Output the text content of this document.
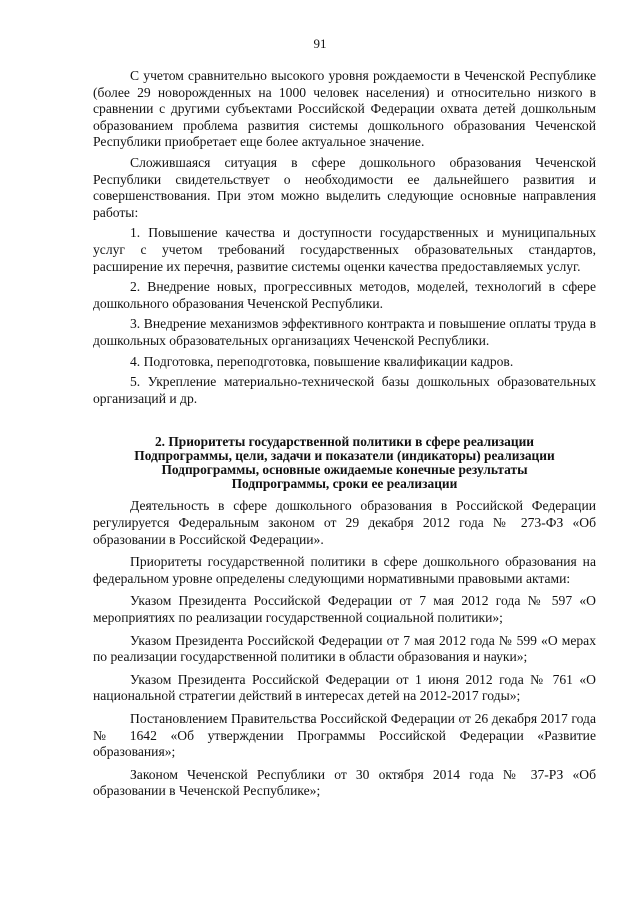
91

С учетом сравнительно высокого уровня рождаемости в Чеченской Республике (более 29 новорожденных на 1000 человек населения) и относительно низкого в сравнении с другими субъектами Российской Федерации охвата детей дошкольным образованием проблема развития системы дошкольного образования Чеченской Республики приобретает еще более актуальное значение.

Сложившаяся ситуация в сфере дошкольного образования Чеченской Республики свидетельствует о необходимости ее дальнейшего развития и совершенствования. При этом можно выделить следующие основные направления работы:

1. Повышение качества и доступности государственных и муниципальных услуг с учетом требований государственных образовательных стандартов, расширение их перечня, развитие системы оценки качества предоставляемых услуг.

2. Внедрение новых, прогрессивных методов, моделей, технологий в сфере дошкольного образования Чеченской Республики.

3. Внедрение механизмов эффективного контракта и повышение оплаты труда в дошкольных образовательных организациях Чеченской Республики.

4. Подготовка, переподготовка, повышение квалификации кадров.

5. Укрепление материально-технической базы дошкольных образовательных организаций и др.

2. Приоритеты государственной политики в сфере реализации
Подпрограммы, цели, задачи и показатели (индикаторы) реализации
Подпрограммы, основные ожидаемые конечные результаты
Подпрограммы, сроки ее реализации

Деятельность в сфере дошкольного образования в Российской Федерации регулируется Федеральным законом от 29 декабря 2012 года № 273-ФЗ «Об образовании в Российской Федерации».

Приоритеты государственной политики в сфере дошкольного образования на федеральном уровне определены следующими нормативными правовыми актами:

Указом Президента Российской Федерации от 7 мая 2012 года № 597 «О мероприятиях по реализации государственной социальной политики»;

Указом Президента Российской Федерации от 7 мая 2012 года № 599 «О мерах по реализации государственной политики в области образования и науки»;

Указом Президента Российской Федерации от 1 июня 2012 года № 761 «О национальной стратегии действий в интересах детей на 2012-2017 годы»;

Постановлением Правительства Российской Федерации от 26 декабря 2017 года № 1642 «Об утверждении Программы Российской Федерации «Развитие образования»;

Законом Чеченской Республики от 30 октября 2014 года № 37-РЗ «Об образовании в Чеченской Республике»;
